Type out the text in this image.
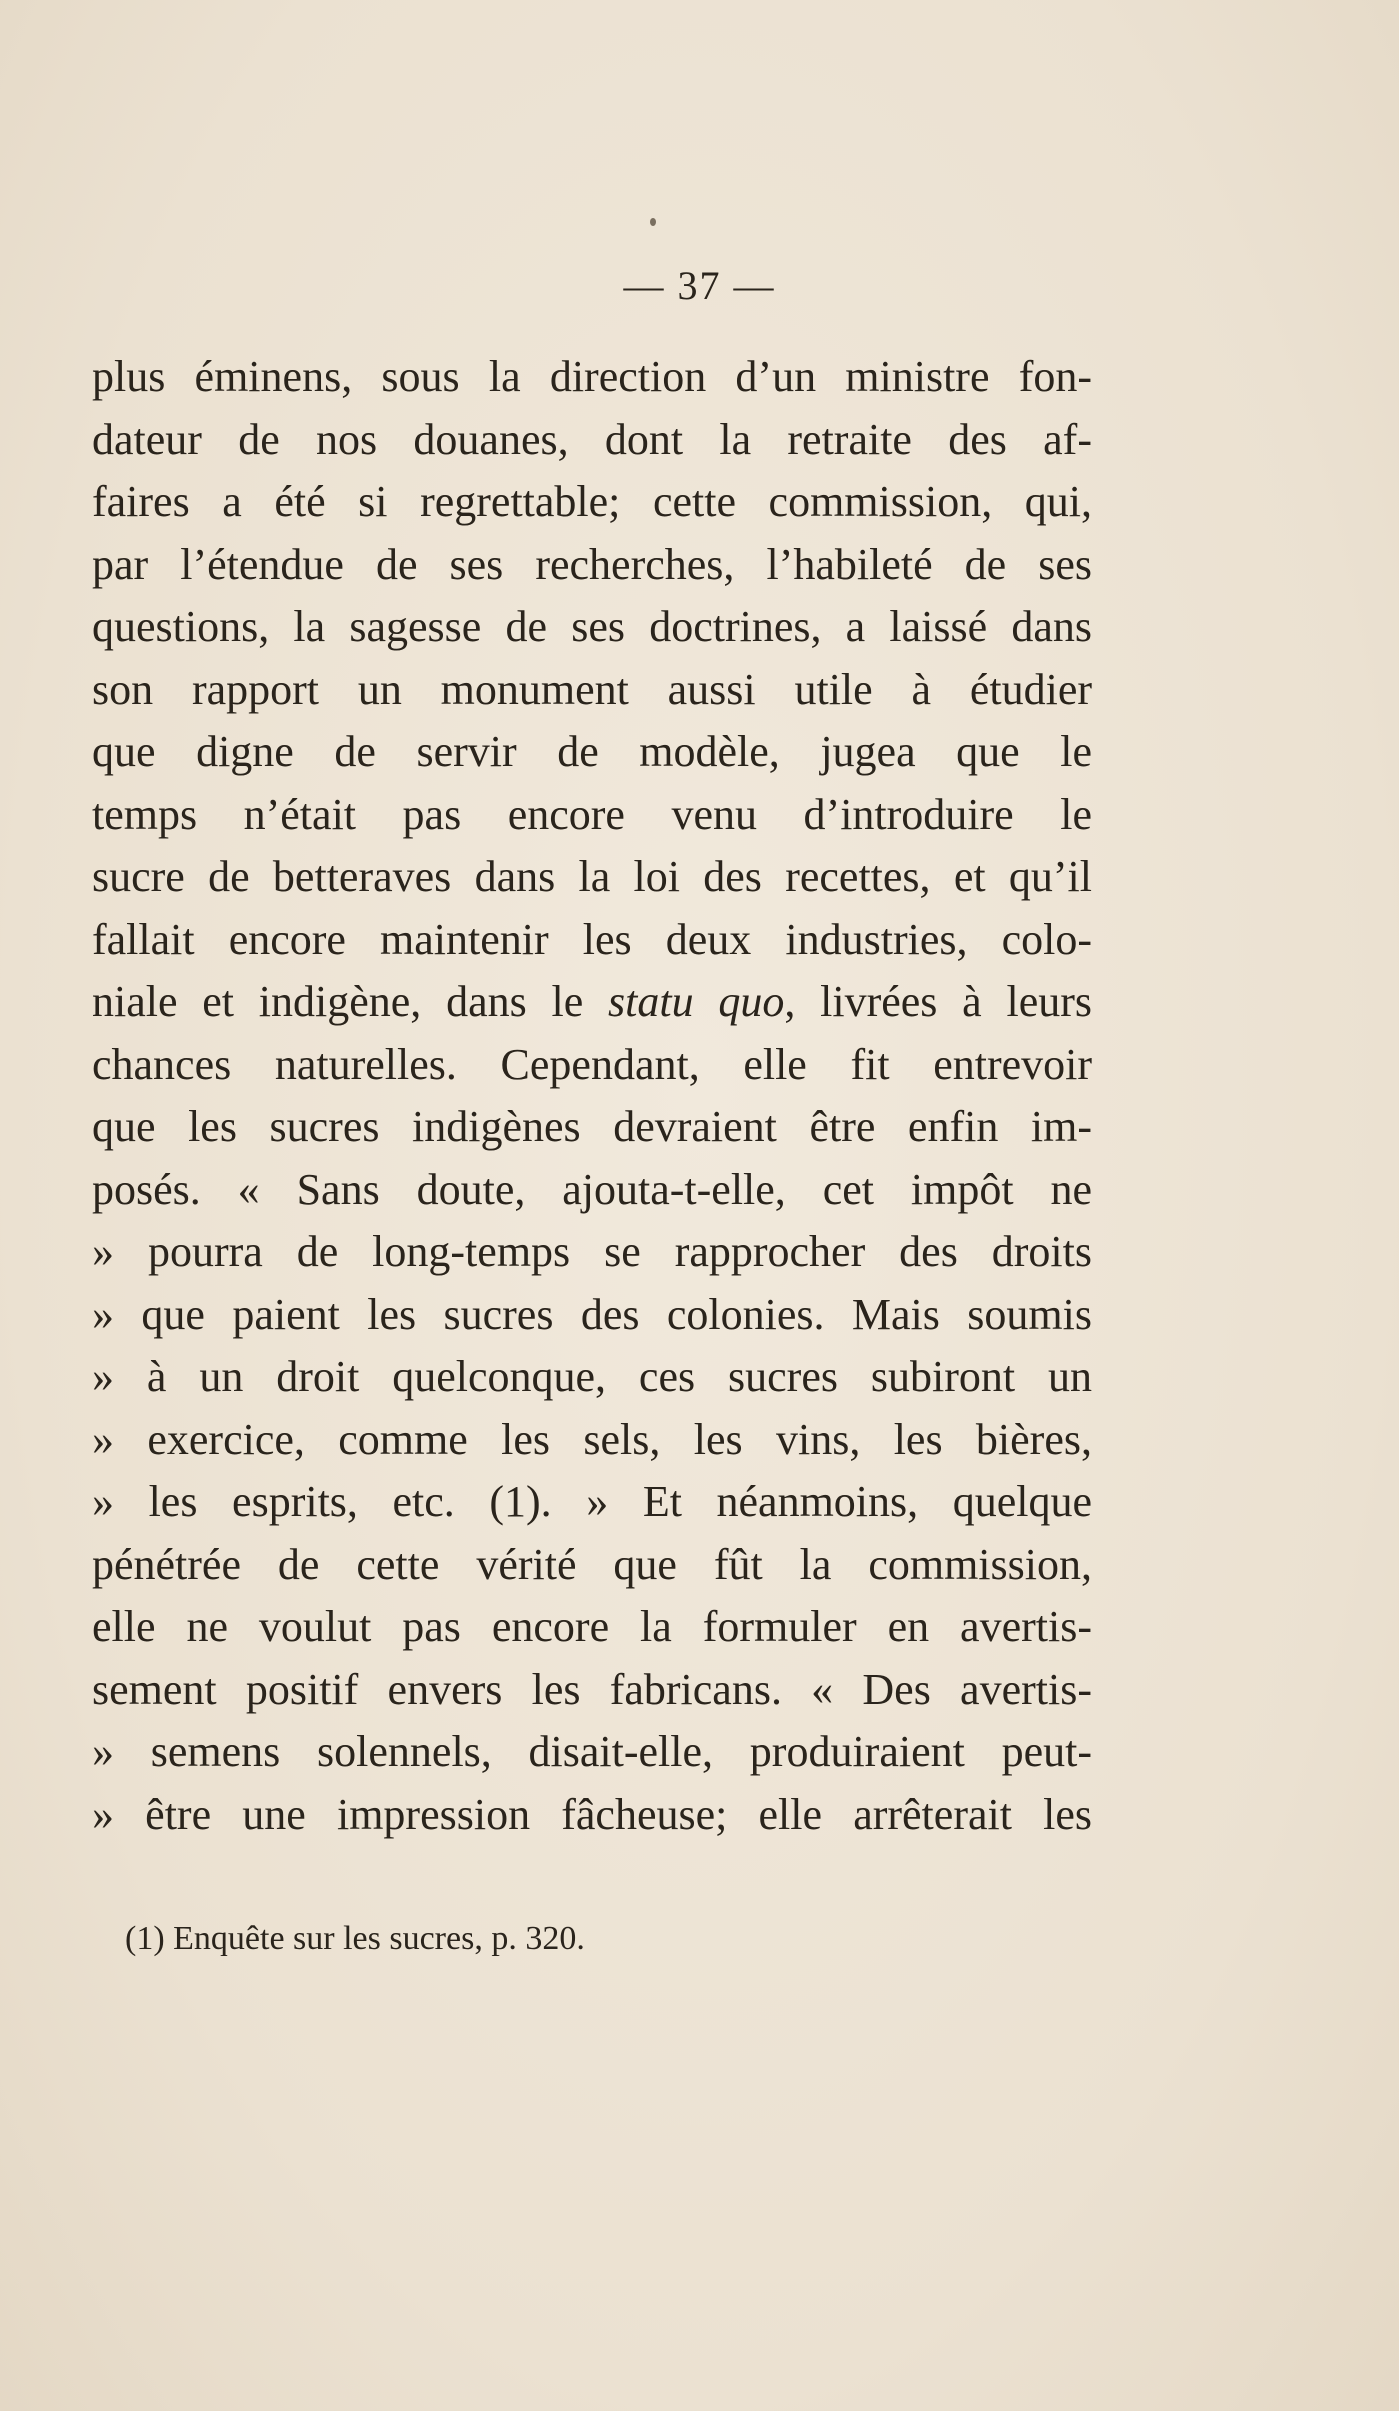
— 37 —
plus éminens, sous la direction d’un ministre fon-
dateur de nos douanes, dont la retraite des af-
faires a été si regrettable; cette commission, qui,
par l’étendue de ses recherches, l’habileté de ses
questions, la sagesse de ses doctrines, a laissé dans
son rapport un monument aussi utile à étudier
que digne de servir de modèle, jugea que le
temps n’était pas encore venu d’introduire le
sucre de betteraves dans la loi des recettes, et qu’il
fallait encore maintenir les deux industries, colo-
niale et indigène, dans le statu quo, livrées à leurs
chances naturelles. Cependant, elle fit entrevoir
que les sucres indigènes devraient être enfin im-
posés. « Sans doute, ajouta-t-elle, cet impôt ne
» pourra de long-temps se rapprocher des droits
» que paient les sucres des colonies. Mais soumis
» à un droit quelconque, ces sucres subiront un
» exercice, comme les sels, les vins, les bières,
» les esprits, etc. (1). » Et néanmoins, quelque
pénétrée de cette vérité que fût la commission,
elle ne voulut pas encore la formuler en avertis-
sement positif envers les fabricans. « Des avertis-
» semens solennels, disait-elle, produiraient peut-
» être une impression fâcheuse; elle arrêterait les
(1) Enquête sur les sucres, p. 320.
